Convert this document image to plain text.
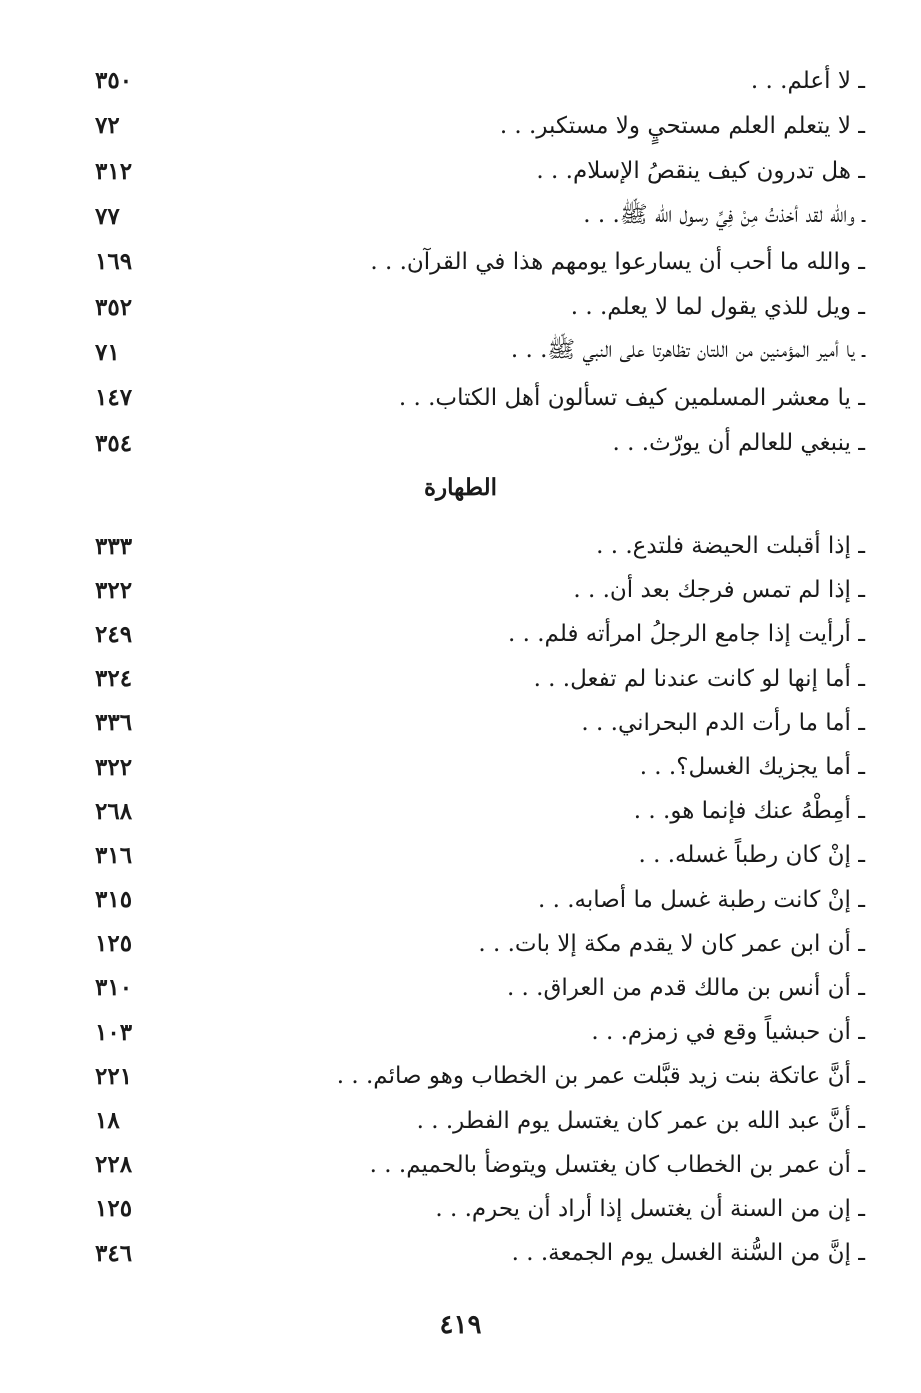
ـ لا أعلم. . .
٣٥٠
ـ لا يتعلم العلم مستحيٍ ولا مستكبر. . .
٧٢
ـ هل تدرون كيف ينقصُ الإسلام. . .
٣١٢
ـ والله لقد أخذتُ مِنْ فِيِّ رسول الله ﷺ. . .
٧٧
ـ والله ما أحب أن يسارعوا يومهم هذا في القرآن. . .
١٦٩
ـ ويل للذي يقول لما لا يعلم. . .
٣٥٢
ـ يا أمير المؤمنين من اللتان تظاهرتا على النبي ﷺ. . .
٧١
ـ يا معشر المسلمين كيف تسألون أهل الكتاب. . .
١٤٧
ـ ينبغي للعالم أن يورّث. . .
٣٥٤
الطهارة
ـ إذا أقبلت الحيضة فلتدع. . .
٣٣٣
ـ إذا لم تمس فرجك بعد أن. . .
٣٢٢
ـ أرأيت إذا جامع الرجلُ امرأته فلم. . .
٢٤٩
ـ أما إنها لو كانت عندنا لم تفعل. . .
٣٢٤
ـ أما ما رأت الدم البحراني. . .
٣٣٦
ـ أما يجزيك الغسل؟. . .
٣٢٢
ـ أمِطْهُ عنك فإنما هو. . .
٢٦٨
ـ إنْ كان رطباً غسله. . .
٣١٦
ـ إنْ كانت رطبة غسل ما أصابه. . .
٣١٥
ـ أن ابن عمر كان لا يقدم مكة إلا بات. . .
١٢٥
ـ أن أنس بن مالك قدم من العراق. . .
٣١٠
ـ أن حبشياً وقع في زمزم. . .
١٠٣
ـ أنَّ عاتكة بنت زيد قبَّلت عمر بن الخطاب وهو صائم. . .
٢٢١
ـ أنَّ عبد الله بن عمر كان يغتسل يوم الفطر. . .
١٨
ـ أن عمر بن الخطاب كان يغتسل ويتوضأ بالحميم. . .
٢٢٨
ـ إن من السنة أن يغتسل إذا أراد أن يحرم. . .
١٢٥
ـ إنَّ من السُّنة الغسل يوم الجمعة. . .
٣٤٦
٤١٩
